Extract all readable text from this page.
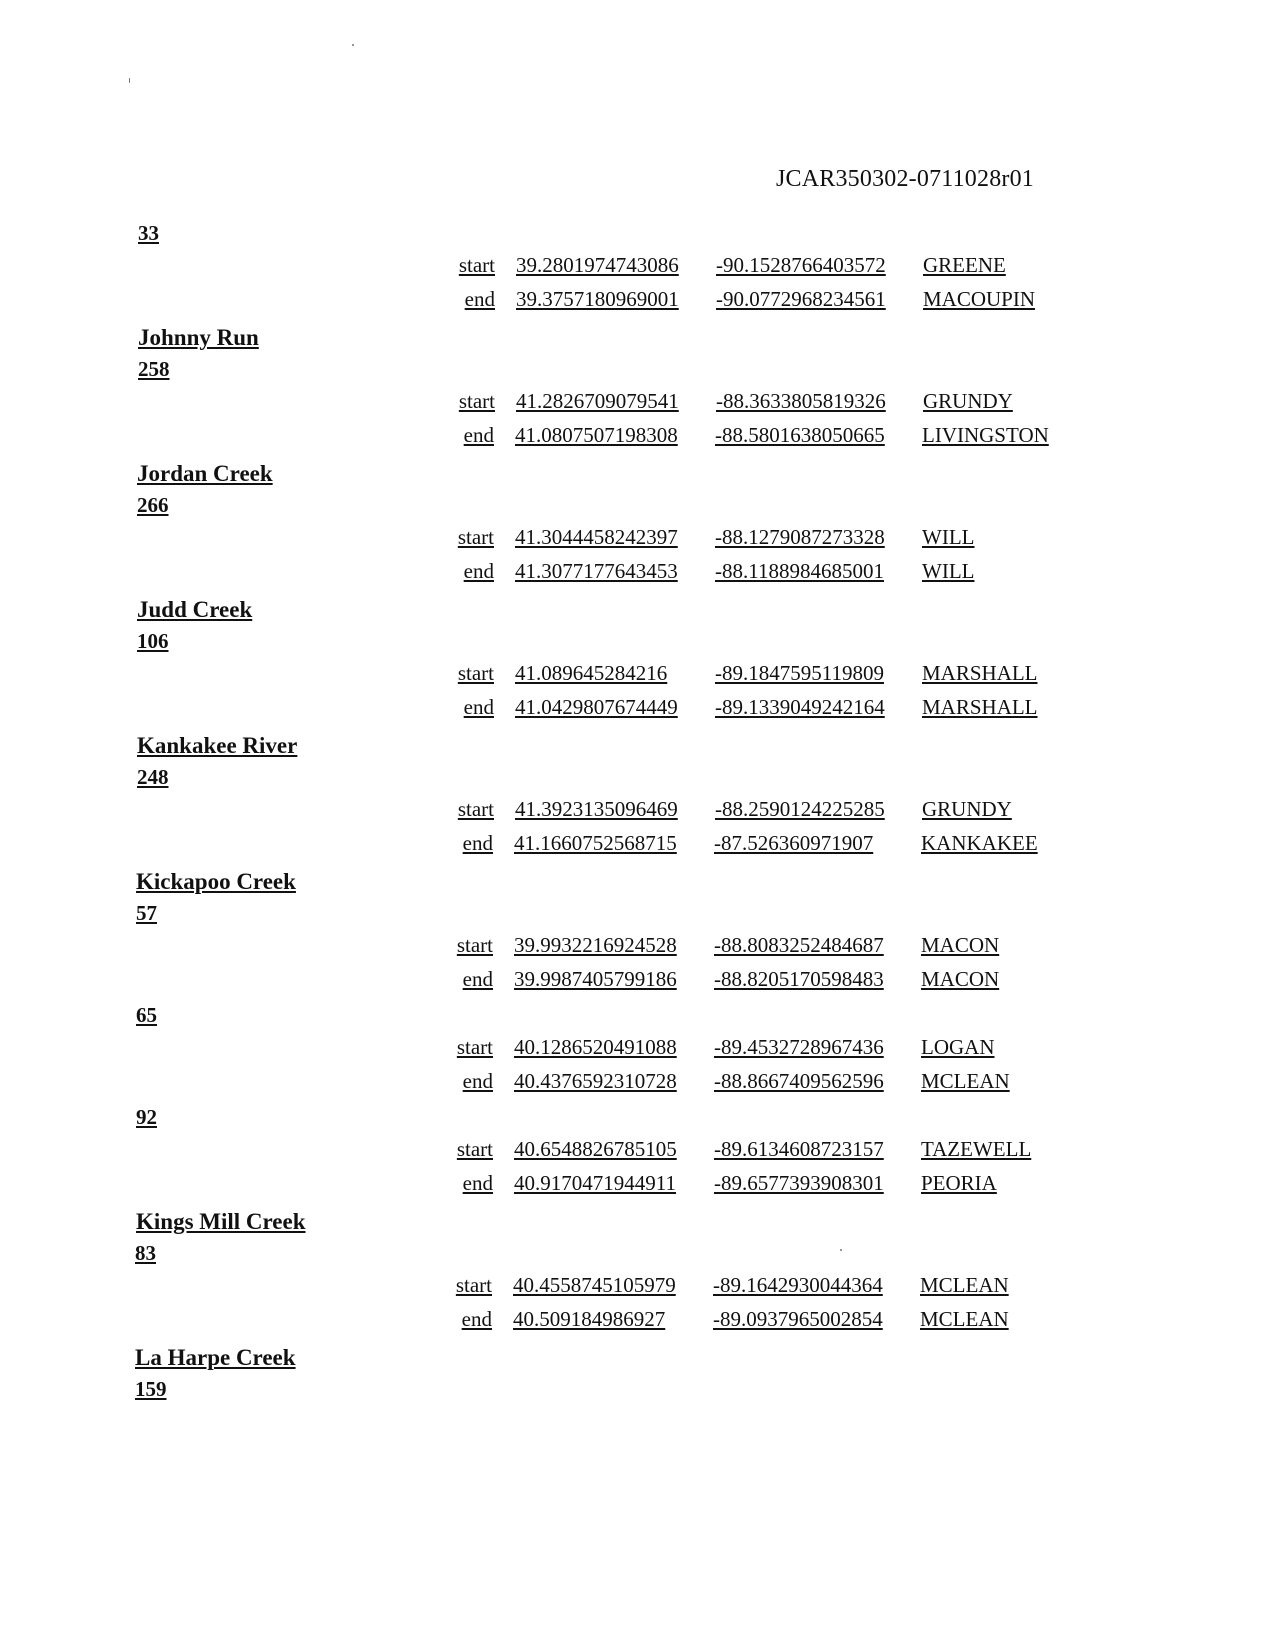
JCAR350302-0711028r01
33
start 39.2801974743086 -90.1528766403572 GREENE
end 39.3757180969001 -90.0772968234561 MACOUPIN
Johnny Run
258
start 41.2826709079541 -88.3633805819326 GRUNDY
end 41.0807507198308 -88.5801638050665 LIVINGSTON
Jordan Creek
266
start 41.3044458242397 -88.1279087273328 WILL
end 41.3077177643453 -88.1188984685001 WILL
Judd Creek
106
start 41.089645284216 -89.1847595119809 MARSHALL
end 41.0429807674449 -89.1339049242164 MARSHALL
Kankakee River
248
start 41.3923135096469 -88.2590124225285 GRUNDY
end 41.1660752568715 -87.526360971907 KANKAKEE
Kickapoo Creek
57
start 39.9932216924528 -88.8083252484687 MACON
end 39.9987405799186 -88.8205170598483 MACON
65
start 40.1286520491088 -89.4532728967436 LOGAN
end 40.4376592310728 -88.8667409562596 MCLEAN
92
start 40.6548826785105 -89.6134608723157 TAZEWELL
end 40.9170471944911 -89.6577393908301 PEORIA
Kings Mill Creek
83
start 40.4558745105979 -89.1642930044364 MCLEAN
end 40.509184986927 -89.0937965002854 MCLEAN
La Harpe Creek
159
